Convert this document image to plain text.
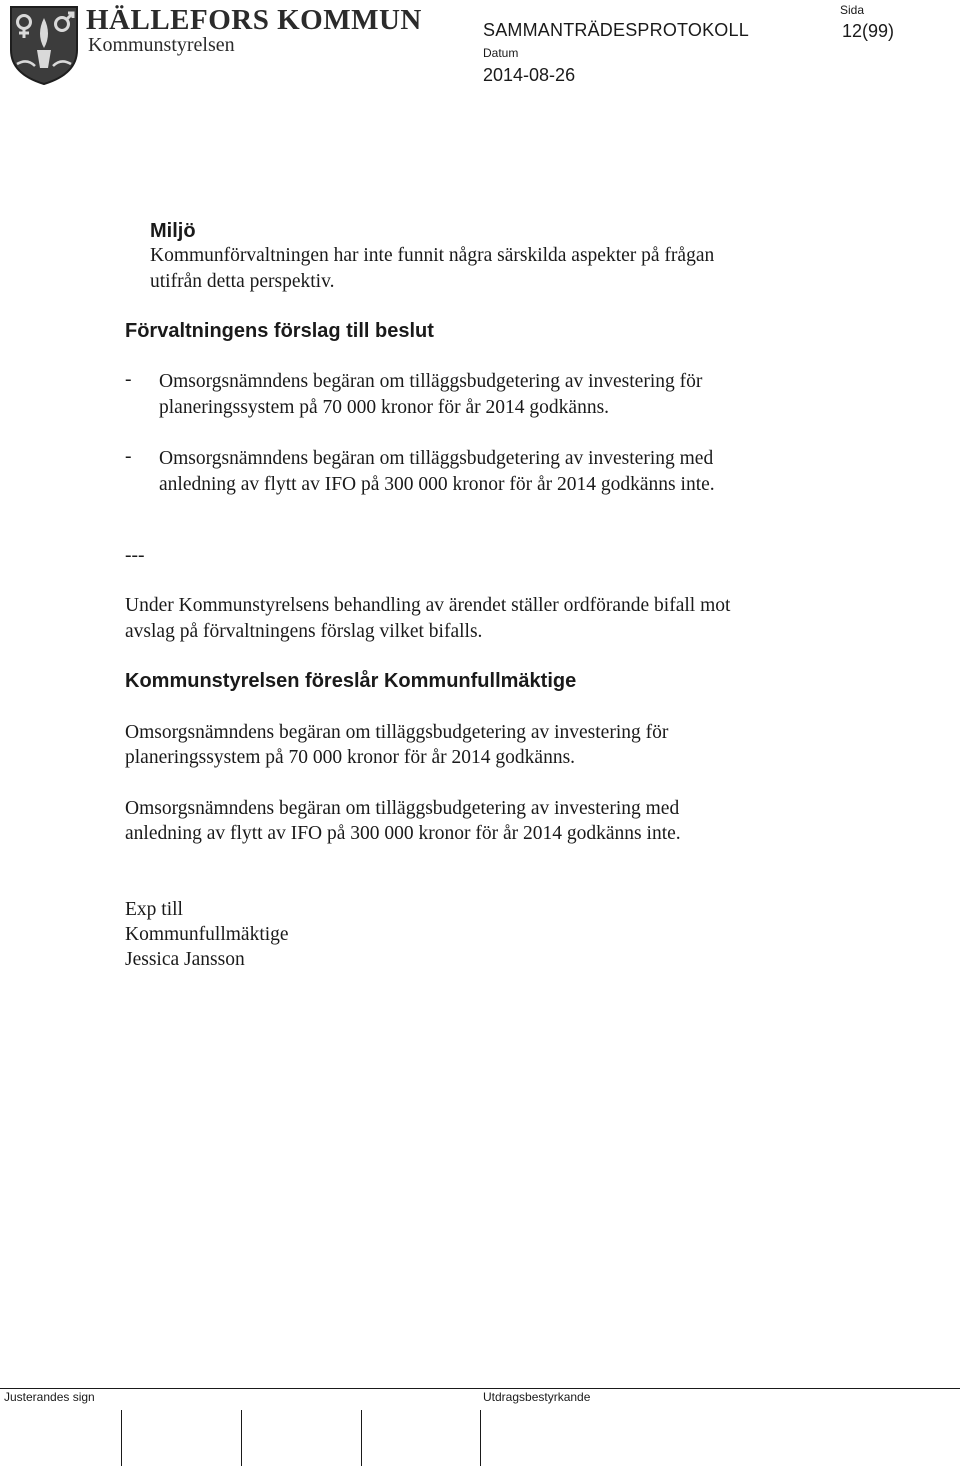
HÄLLEFORS KOMMUN
Kommunstyrelsen
SAMMANTRÄDESPROTOKOLL
Sida
12(99)
Datum
2014-08-26
Miljö
Kommunförvaltningen har inte funnit några särskilda aspekter på frågan
utifrån detta perspektiv.
Förvaltningens förslag till beslut
- Omsorgsnämndens begäran om tilläggsbudgetering av investering för
planeringssystem på 70 000 kronor för år 2014 godkänns.
- Omsorgsnämndens begäran om tilläggsbudgetering av investering med
anledning av flytt av IFO på 300 000 kronor för år 2014 godkänns inte.
---
Under Kommunstyrelsens behandling av ärendet ställer ordförande bifall mot
avslag på förvaltningens förslag vilket bifalls.
Kommunstyrelsen föreslår Kommunfullmäktige
Omsorgsnämndens begäran om tilläggsbudgetering av investering för
planeringssystem på 70 000 kronor för år 2014 godkänns.
Omsorgsnämndens begäran om tilläggsbudgetering av investering med
anledning av flytt av IFO på 300 000 kronor för år 2014 godkänns inte.
Exp till
Kommunfullmäktige
Jessica Jansson
Justerandes sign	Utdragsbestyrkande
